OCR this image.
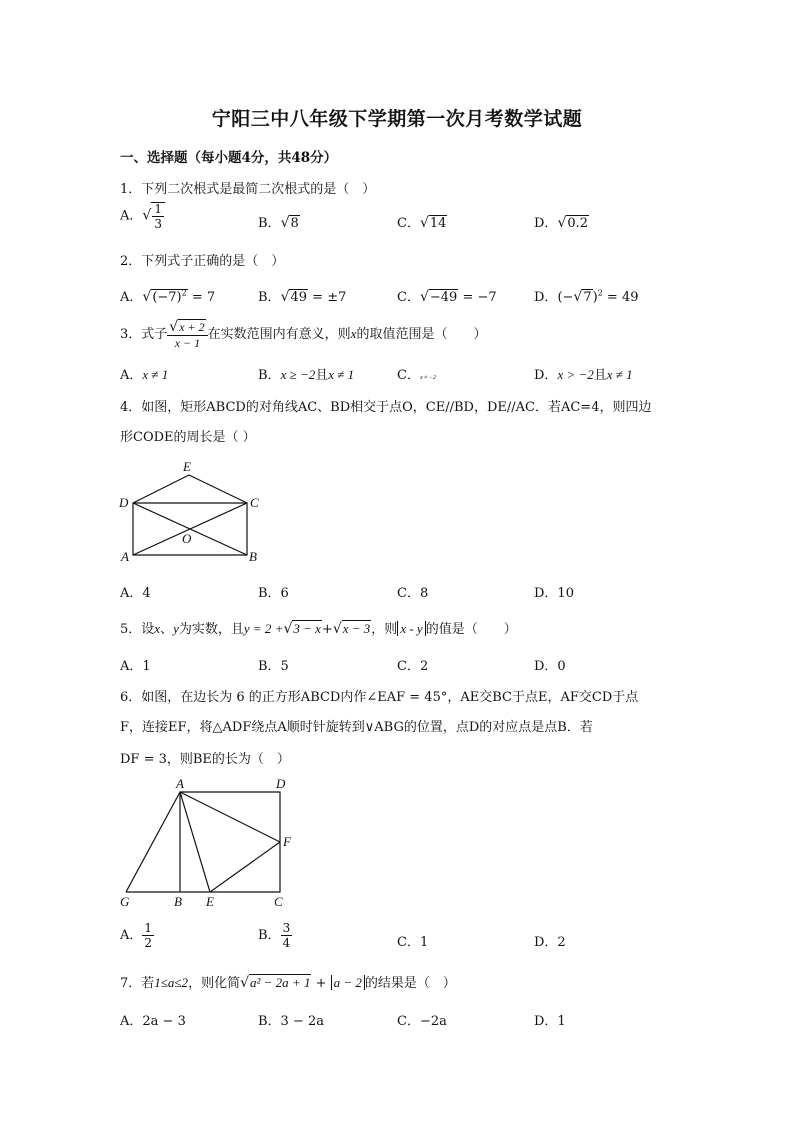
宁阳三中八年级下学期第一次月考数学试题
一、选择题（每小题4分，共48分）
1．下列二次根式是最简二次根式的是（　）
A．√ $\frac{1}{3}$	B．√8	C．√14	D．√0.2
2．下列式子正确的是（　）
A．$√(-7)^2 = 7$	B．√49 = ±7	C．√−49 = −7	D．$(-√7)^2 = 49$
3．式子 $\frac{√x + 2}{x - 1}$ 在实数范围内有意义，则x的取值范围是（　　）
A．x ≠ 1	B．x ≥ −2且x ≠ 1	C．x ≠ −2	D．x > −2且x ≠ 1
4．如图，矩形ABCD的对角线AC、BD相交于点O，CE//BD，DE//AC．若AC=4，则四边
形CODE的周长是（ ）
E
D	C
O
A	B
A．4	B．6	C．8	D．10
5．设x、y为实数，且y = 2 +√3 − x+√x − 3，则 x - y 的值是（　　）
A．1	B．5	C．2	D．0
6．如图，在边长为 6 的正方形ABCD内作∠EAF = 45°，AE交BC于点E，AF交CD于点
F，连接EF，将△ADF绕点A顺时针旋转到∨ABG的位置，点D的对应点是点B．若
DF = 3，则BE的长为（　）
A	D
F
G	B E	C
A． $\frac{1}{2}$	B． $\frac{3}{4}$	C．1	D．2
7．若1≤a≤2，则化简√a² − 2a + 1 + a − 2 的结果是（　）
A．2a − 3	B．3 − 2a	C．−2a	D．1
